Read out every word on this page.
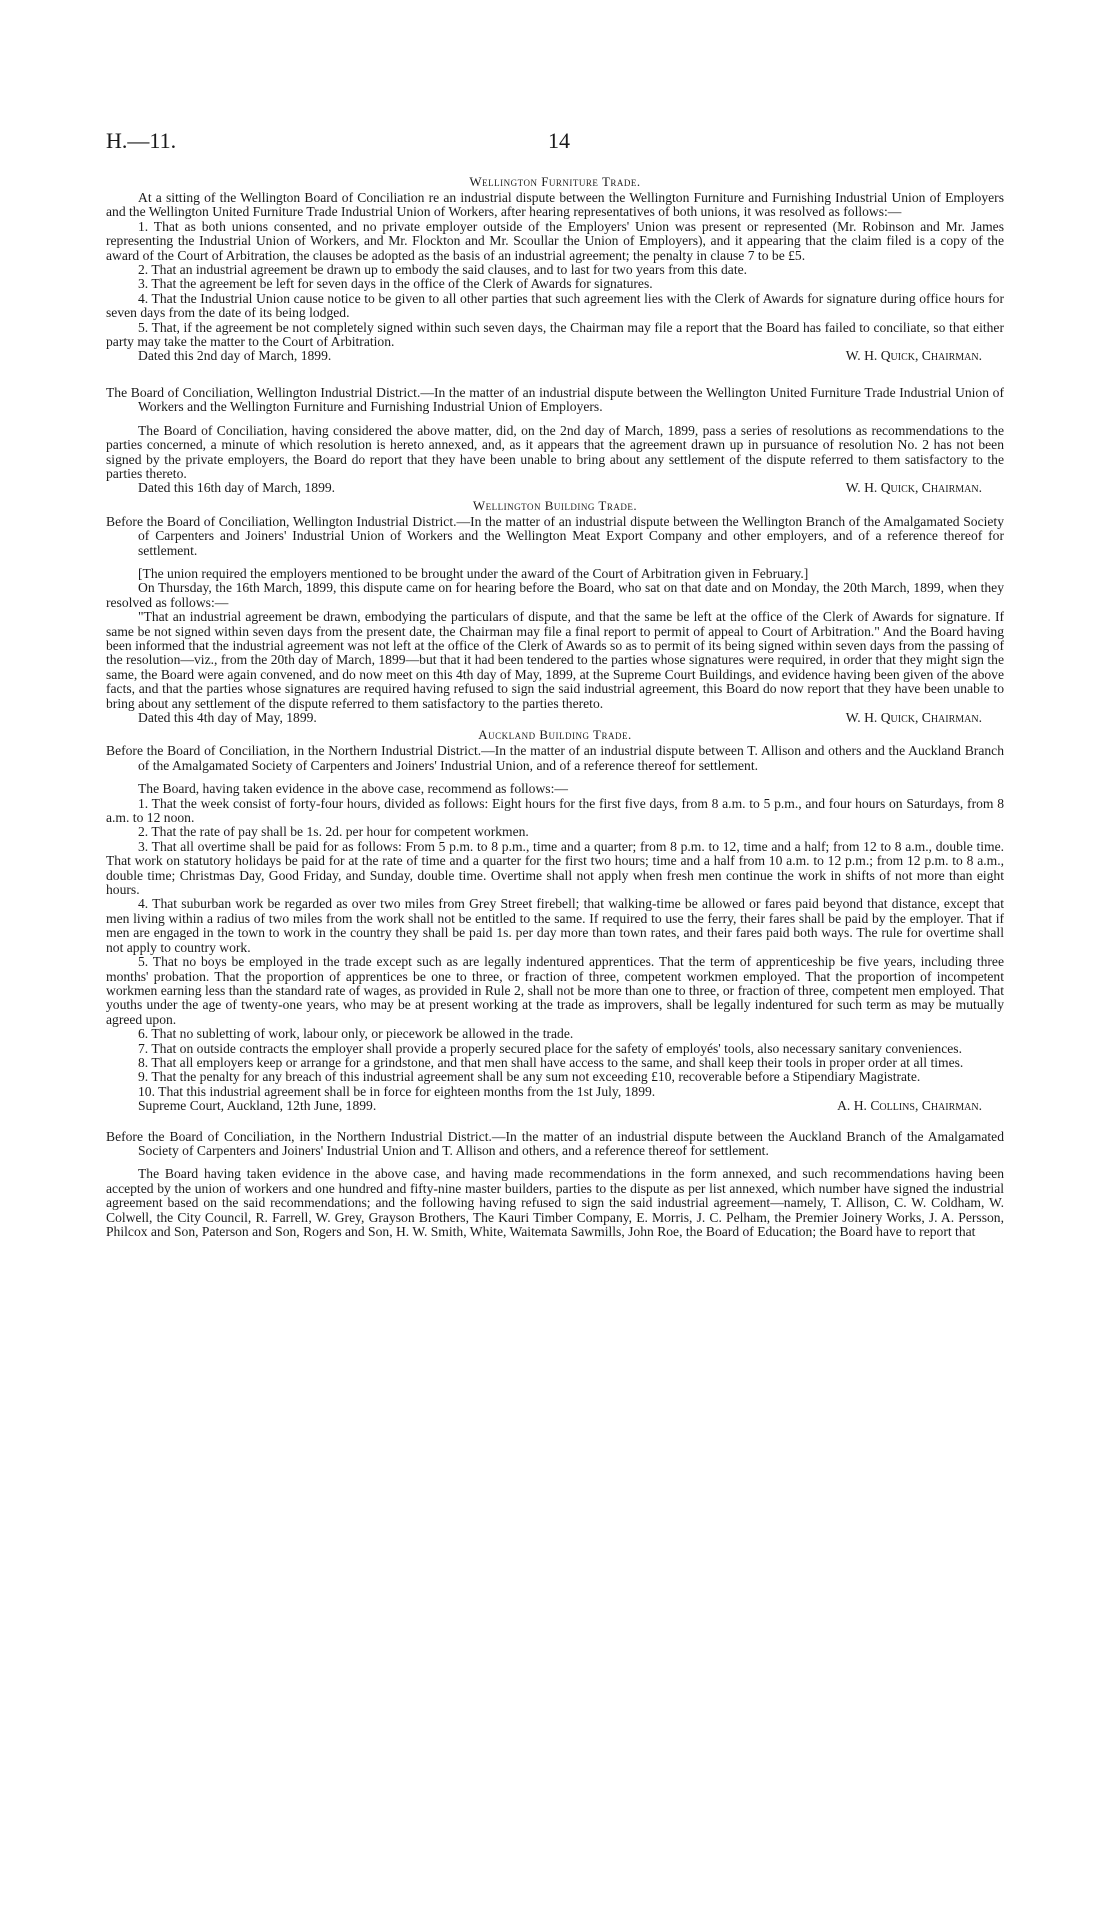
H.—11.	14
Wellington Furniture Trade.

At a sitting of the Wellington Board of Conciliation re an industrial dispute between the Wellington Furniture and Furnishing Industrial Union of Employers and the Wellington United Furniture Trade Industrial Union of Workers, after hearing representatives of both unions, it was resolved as follows:—

1. That as both unions consented, and no private employer outside of the Employers' Union was present or represented (Mr. Robinson and Mr. James representing the Industrial Union of Workers, and Mr. Flockton and Mr. Scoullar the Union of Employers), and it appearing that the claim filed is a copy of the award of the Court of Arbitration, the clauses be adopted as the basis of an industrial agreement; the penalty in clause 7 to be £5.

2. That an industrial agreement be drawn up to embody the said clauses, and to last for two years from this date.

3. That the agreement be left for seven days in the office of the Clerk of Awards for signatures.

4. That the Industrial Union cause notice to be given to all other parties that such agreement lies with the Clerk of Awards for signature during office hours for seven days from the date of its being lodged.

5. That, if the agreement be not completely signed within such seven days, the Chairman may file a report that the Board has failed to conciliate, so that either party may take the matter to the Court of Arbitration.

Dated this 2nd day of March, 1899.	W. H. Quick, Chairman.

The Board of Conciliation, Wellington Industrial District.—In the matter of an industrial dispute between the Wellington United Furniture Trade Industrial Union of Workers and the Wellington Furniture and Furnishing Industrial Union of Employers.

The Board of Conciliation, having considered the above matter, did, on the 2nd day of March, 1899, pass a series of resolutions as recommendations to the parties concerned, a minute of which resolution is hereto annexed, and, as it appears that the agreement drawn up in pursuance of resolution No. 2 has not been signed by the private employers, the Board do report that they have been unable to bring about any settlement of the dispute referred to them satisfactory to the parties thereto.

Dated this 16th day of March, 1899.	W. H. Quick, Chairman.
Wellington Building Trade.

Before the Board of Conciliation, Wellington Industrial District.—In the matter of an industrial dispute between the Wellington Branch of the Amalgamated Society of Carpenters and Joiners' Industrial Union of Workers and the Wellington Meat Export Company and other employers, and of a reference thereof for settlement.

[The union required the employers mentioned to be brought under the award of the Court of Arbitration given in February.]

On Thursday, the 16th March, 1899, this dispute came on for hearing before the Board, who sat on that date and on Monday, the 20th March, 1899, when they resolved as follows:—

"That an industrial agreement be drawn, embodying the particulars of dispute, and that the same be left at the office of the Clerk of Awards for signature. If same be not signed within seven days from the present date, the Chairman may file a final report to permit of appeal to Court of Arbitration." And the Board having been informed that the industrial agreement was not left at the office of the Clerk of Awards so as to permit of its being signed within seven days from the passing of the resolution—viz., from the 20th day of March, 1899—but that it had been tendered to the parties whose signatures were required, in order that they might sign the same, the Board were again convened, and do now meet on this 4th day of May, 1899, at the Supreme Court Buildings, and evidence having been given of the above facts, and that the parties whose signatures are required having refused to sign the said industrial agreement, this Board do now report that they have been unable to bring about any settlement of the dispute referred to them satisfactory to the parties thereto.

Dated this 4th day of May, 1899.	W. H. Quick, Chairman.
Auckland Building Trade.

Before the Board of Conciliation, in the Northern Industrial District.—In the matter of an industrial dispute between T. Allison and others and the Auckland Branch of the Amalgamated Society of Carpenters and Joiners' Industrial Union, and of a reference thereof for settlement.

The Board, having taken evidence in the above case, recommend as follows:—

1. That the week consist of forty-four hours, divided as follows: Eight hours for the first five days, from 8 a.m. to 5 p.m., and four hours on Saturdays, from 8 a.m. to 12 noon.

2. That the rate of pay shall be 1s. 2d. per hour for competent workmen.

3. That all overtime shall be paid for as follows: From 5 p.m. to 8 p.m., time and a quarter; from 8 p.m. to 12, time and a half; from 12 to 8 a.m., double time. That work on statutory holidays be paid for at the rate of time and a quarter for the first two hours; time and a half from 10 a.m. to 12 p.m.; from 12 p.m. to 8 a.m., double time; Christmas Day, Good Friday, and Sunday, double time. Overtime shall not apply when fresh men continue the work in shifts of not more than eight hours.

4. That suburban work be regarded as over two miles from Grey Street firebell; that walking-time be allowed or fares paid beyond that distance, except that men living within a radius of two miles from the work shall not be entitled to the same. If required to use the ferry, their fares shall be paid by the employer. That if men are engaged in the town to work in the country they shall be paid 1s. per day more than town rates, and their fares paid both ways. The rule for overtime shall not apply to country work.

5. That no boys be employed in the trade except such as are legally indentured apprentices. That the term of apprenticeship be five years, including three months' probation. That the proportion of apprentices be one to three, or fraction of three, competent workmen employed. That the proportion of incompetent workmen earning less than the standard rate of wages, as provided in Rule 2, shall not be more than one to three, or fraction of three, competent men employed. That youths under the age of twenty-one years, who may be at present working at the trade as improvers, shall be legally indentured for such term as may be mutually agreed upon.

6. That no subletting of work, labour only, or piecework be allowed in the trade.

7. That on outside contracts the employer shall provide a properly secured place for the safety of employés' tools, also necessary sanitary conveniences.

8. That all employers keep or arrange for a grindstone, and that men shall have access to the same, and shall keep their tools in proper order at all times.

9. That the penalty for any breach of this industrial agreement shall be any sum not exceeding £10, recoverable before a Stipendiary Magistrate.

10. That this industrial agreement shall be in force for eighteen months from the 1st July, 1899.

Supreme Court, Auckland, 12th June, 1899.	A. H. Collins, Chairman.

Before the Board of Conciliation, in the Northern Industrial District.—In the matter of an industrial dispute between the Auckland Branch of the Amalgamated Society of Carpenters and Joiners' Industrial Union and T. Allison and others, and a reference thereof for settlement.

The Board having taken evidence in the above case, and having made recommendations in the form annexed, and such recommendations having been accepted by the union of workers and one hundred and fifty-nine master builders, parties to the dispute as per list annexed, which number have signed the industrial agreement based on the said recommendations; and the following having refused to sign the said industrial agreement—namely, T. Allison, C. W. Coldham, W. Colwell, the City Council, R. Farrell, W. Grey, Grayson Brothers, The Kauri Timber Company, E. Morris, J. C. Pelham, the Premier Joinery Works, J. A. Persson, Philcox and Son, Paterson and Son, Rogers and Son, H. W. Smith, White, Waitemata Sawmills, John Roe, the Board of Education; the Board have to report that
